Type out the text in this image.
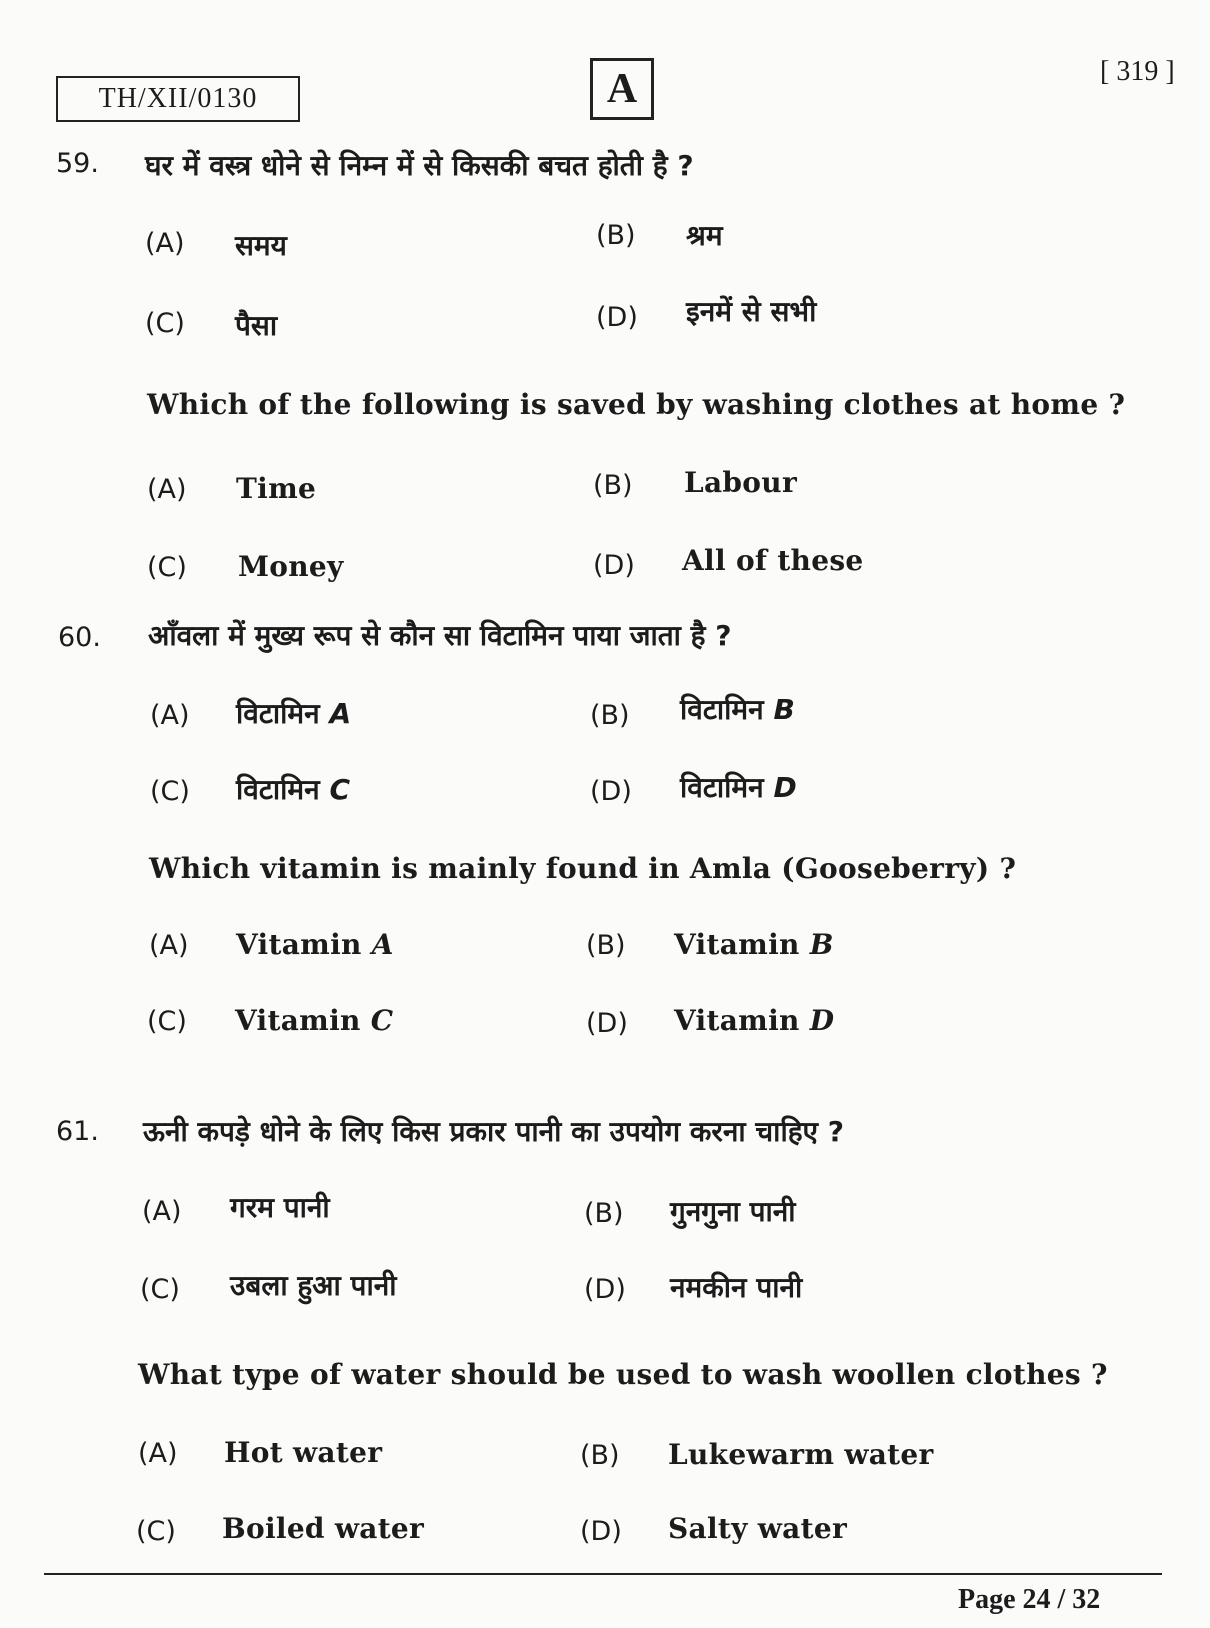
TH/XII/0130	A	[ 319 ]
59. घर में वस्त्र धोने से निम्न में से किसकी बचत होती है ?
(A) समय	(B) श्रम
(C) पैसा	(D) इनमें से सभी
Which of the following is saved by washing clothes at home ?
(A) Time	(B) Labour
(C) Money	(D) All of these
60. आँवला में मुख्य रूप से कौन सा विटामिन पाया जाता है ?
(A) विटामिन A	(B) विटामिन B
(C) विटामिन C	(D) विटामिन D
Which vitamin is mainly found in Amla (Gooseberry) ?
(A) Vitamin A	(B) Vitamin B
(C) Vitamin C	(D) Vitamin D
61. ऊनी कपड़े धोने के लिए किस प्रकार पानी का उपयोग करना चाहिए ?
(A) गरम पानी	(B) गुनगुना पानी
(C) उबला हुआ पानी	(D) नमकीन पानी
What type of water should be used to wash woollen clothes ?
(A) Hot water	(B) Lukewarm water
(C) Boiled water	(D) Salty water
Page 24 / 32
